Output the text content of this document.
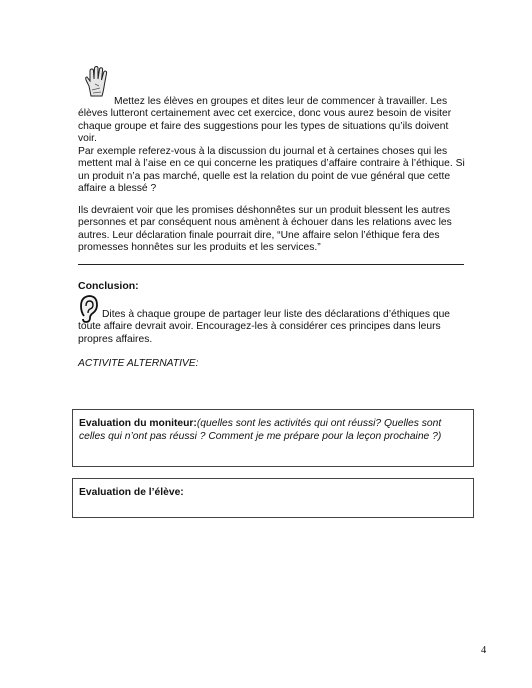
Mettez les élèves en groupes et dites leur de commencer à travailler. Les élèves lutteront certainement avec cet exercice, donc vous aurez besoin de visiter chaque groupe et faire des suggestions pour les types de situations qu’ils doivent voir.

Par exemple referez-vous à la discussion du journal et à certaines choses qui les mettent mal à l’aise en ce qui concerne les pratiques d’affaire contraire à l’éthique. Si un produit n’a pas marché, quelle est la relation du point de vue général que cette affaire a blessé ?

Ils devraient voir que les promises déshonnêtes sur un produit blessent les autres personnes et par conséquent nous amènent à échouer dans les relations avec les autres. Leur déclaration finale pourrait dire, “Une affaire selon l’éthique fera des promesses honnêtes sur les produits et les services.”

Conclusion:

Dites à chaque groupe de partager leur liste des déclarations d’éthiques que toute affaire devrait avoir. Encouragez-les à considérer ces principes dans leurs propres affaires.

ACTIVITE ALTERNATIVE:

Evaluation du moniteur:(quelles sont les activités qui ont réussi? Quelles sont celles qui n’ont pas réussi ? Comment je me prépare pour la leçon prochaine ?)
Evaluation de l’élève:
4
